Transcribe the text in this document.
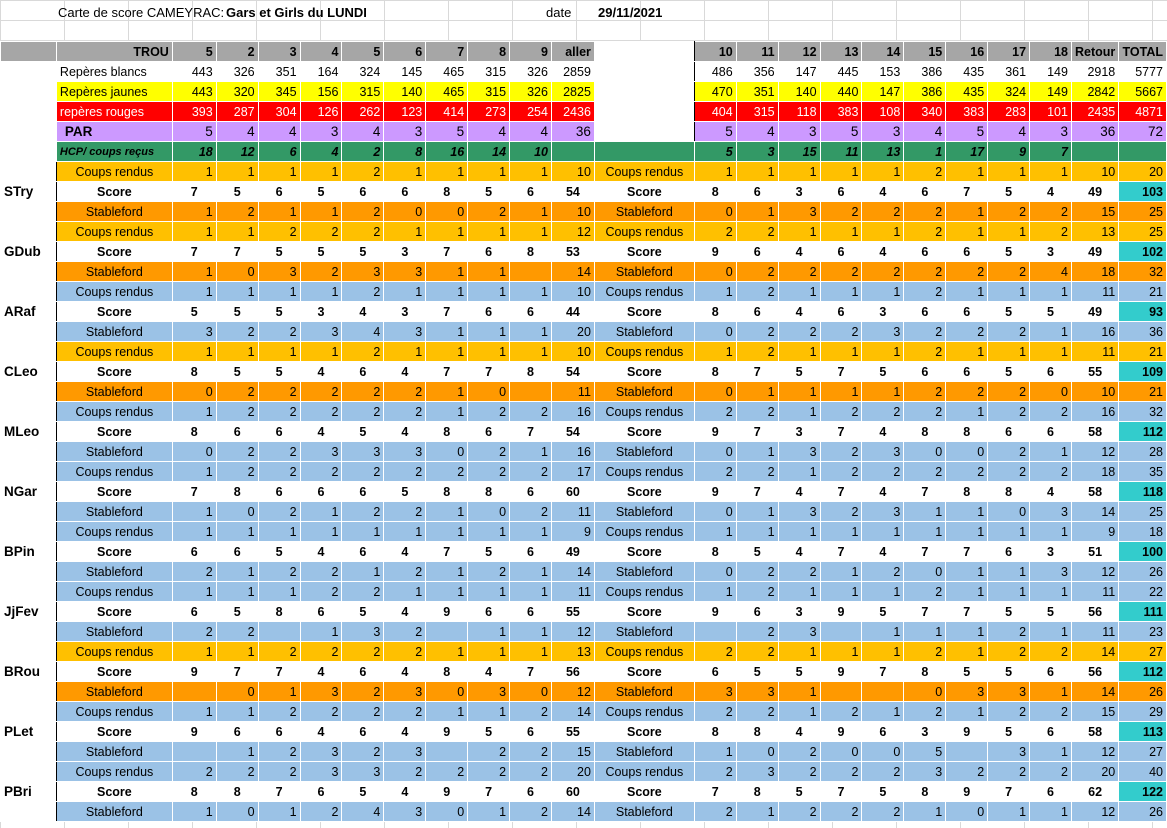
Carte de score CAMEYRAC: Gars et Girls du LUNDI	date 29/11/2021
	TROU	5	2	3	4	5	6	7	8	9	aller		10	11	12	13	14	15	16	17	18	Retour	TOTAL
	Repères blancs	443	326	351	164	324	145	465	315	326	2859		486	356	147	445	153	386	435	361	149	2918	5777
	Repères jaunes	443	320	345	156	315	140	465	315	326	2825		470	351	140	440	147	386	435	324	149	2842	5667
	repères rouges	393	287	304	126	262	123	414	273	254	2436		404	315	118	383	108	340	383	283	101	2435	4871
	PAR	5	4	4	3	4	3	5	4	4	36		5	4	3	5	3	4	5	4	3	36	72
	HCP/ coups reçus	18	12	6	4	2	8	16	14	10			5	3	15	11	13	1	17	9	7		
	Coups rendus	1	1	1	1	2	1	1	1	1	10	Coups rendus	1	1	1	1	1	2	1	1	1	10	20
STry	Score	7	5	6	5	6	6	8	5	6	54	Score	8	6	3	6	4	6	7	5	4	49	103
	Stableford	1	2	1	1	2	0	0	2	1	10	Stableford	0	1	3	2	2	2	1	2	2	15	25
	Coups rendus	1	1	2	2	2	1	1	1	1	12	Coups rendus	2	2	1	1	1	2	1	1	2	13	25
GDub	Score	7	7	5	5	5	3	7	6	8	53	Score	9	6	4	6	4	6	6	5	3	49	102
	Stableford	1	0	3	2	3	3	1	1		14	Stableford	0	2	2	2	2	2	2	2	4	18	32
	Coups rendus	1	1	1	1	2	1	1	1	1	10	Coups rendus	1	2	1	1	1	2	1	1	1	11	21
ARaf	Score	5	5	5	3	4	3	7	6	6	44	Score	8	6	4	6	3	6	6	5	5	49	93
	Stableford	3	2	2	3	4	3	1	1	1	20	Stableford	0	2	2	2	3	2	2	2	1	16	36
	Coups rendus	1	1	1	1	2	1	1	1	1	10	Coups rendus	1	2	1	1	1	2	1	1	1	11	21
CLeo	Score	8	5	5	4	6	4	7	7	8	54	Score	8	7	5	7	5	6	6	5	6	55	109
	Stableford	0	2	2	2	2	2	1	0		11	Stableford	0	1	1	1	1	2	2	2	0	10	21
	Coups rendus	1	2	2	2	2	2	1	2	2	16	Coups rendus	2	2	1	2	2	2	1	2	2	16	32
MLeo	Score	8	6	6	4	5	4	8	6	7	54	Score	9	7	3	7	4	8	8	6	6	58	112
	Stableford	0	2	2	3	3	3	0	2	1	16	Stableford	0	1	3	2	3	0	0	2	1	12	28
	Coups rendus	1	2	2	2	2	2	2	2	2	17	Coups rendus	2	2	1	2	2	2	2	2	2	18	35
NGar	Score	7	8	6	6	6	5	8	8	6	60	Score	9	7	4	7	4	7	8	8	4	58	118
	Stableford	1	0	2	1	2	2	1	0	2	11	Stableford	0	1	3	2	3	1	1	0	3	14	25
	Coups rendus	1	1	1	1	1	1	1	1	1	9	Coups rendus	1	1	1	1	1	1	1	1	1	9	18
BPin	Score	6	6	5	4	6	4	7	5	6	49	Score	8	5	4	7	4	7	7	6	3	51	100
	Stableford	2	1	2	2	1	2	1	2	1	14	Stableford	0	2	2	1	2	0	1	1	3	12	26
	Coups rendus	1	1	1	2	2	1	1	1	1	11	Coups rendus	1	2	1	1	1	2	1	1	1	11	22
JjFev	Score	6	5	8	6	5	4	9	6	6	55	Score	9	6	3	9	5	7	7	5	5	56	111
	Stableford	2	2		1	3	2		1	1	12	Stableford		2	3		1	1	1	2	1	11	23
	Coups rendus	1	1	2	2	2	2	1	1	1	13	Coups rendus	2	2	1	1	1	2	1	2	2	14	27
BRou	Score	9	7	7	4	6	4	8	4	7	56	Score	6	5	5	9	7	8	5	5	6	56	112
	Stableford		0	1	3	2	3	0	3	0	12	Stableford	3	3	1			0	3	3	1	14	26
	Coups rendus	1	1	2	2	2	2	1	1	2	14	Coups rendus	2	2	1	2	1	2	1	2	2	15	29
PLet	Score	9	6	6	4	6	4	9	5	6	55	Score	8	8	4	9	6	3	9	5	6	58	113
	Stableford		1	2	3	2	3		2	2	15	Stableford	1	0	2	0	0	5		3	1	12	27
	Coups rendus	2	2	2	3	3	2	2	2	2	20	Coups rendus	2	3	2	2	2	3	2	2	2	20	40
PBri	Score	8	8	7	6	5	4	9	7	6	60	Score	7	8	5	7	5	8	9	7	6	62	122
	Stableford	1	0	1	2	4	3	0	1	2	14	Stableford	2	1	2	2	2	1	0	1	1	12	26
